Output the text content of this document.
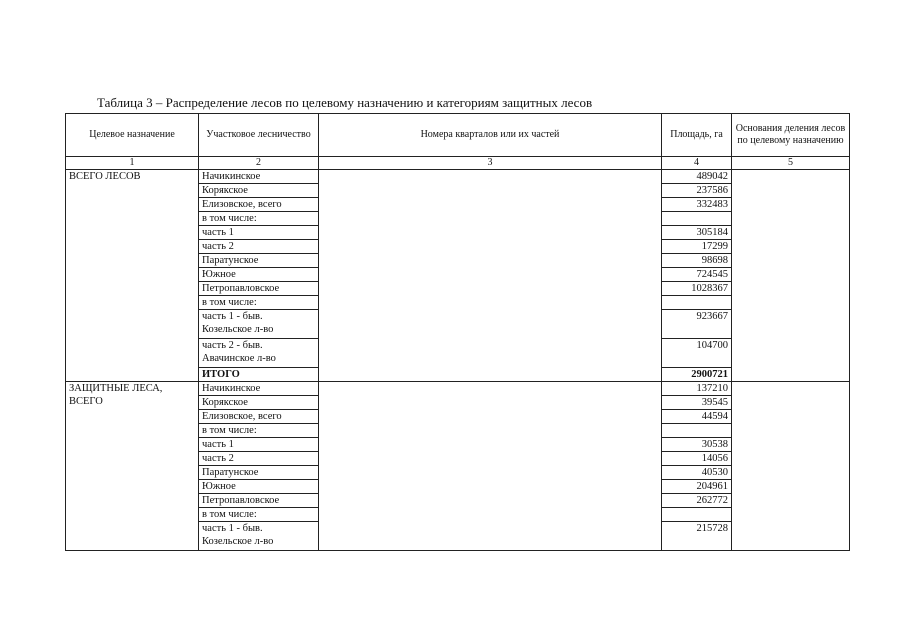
Таблица 3 – Распределение лесов по целевому назначению и категориям защитных лесов
Целевое назначение	Участковое лесничество	Номера кварталов или их частей	Площадь, га	Основания деления лесов по целевому назначению
1	2	3	4	5
ВСЕГО ЛЕСОВ	Начикинское		489042	
	Корякское		237586	
	Елизовское, всего		332483	
	в том числе:			
	часть 1		305184	
	часть 2		17299	
	Паратунское		98698	
	Южное		724545	
	Петропавловское		1028367	
	в том числе:			
	часть 1 - быв. Козельское л-во		923667	
	часть 2 - быв. Авачинское л-во		104700	
	ИТОГО		2900721	
ЗАЩИТНЫЕ ЛЕСА, ВСЕГО	Начикинское		137210	
	Корякское		39545	
	Елизовское, всего		44594	
	в том числе:			
	часть 1		30538	
	часть 2		14056	
	Паратунское		40530	
	Южное		204961	
	Петропавловское		262772	
	в том числе:			
	часть 1 - быв. Козельское л-во		215728	
